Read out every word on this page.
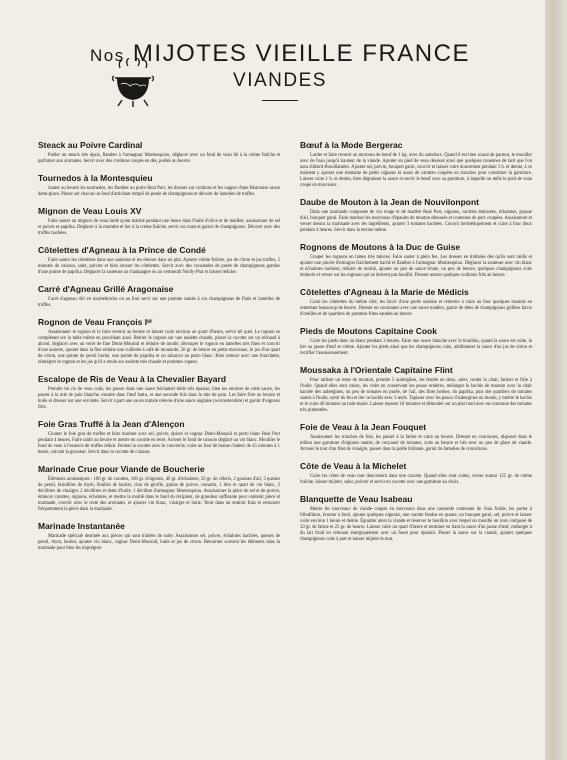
Nos MIJOTES VIEILLE FRANCE
VIANDES
Steack au Poivre Cardinal

Poêler un steack très épais, flamber à l'armagnac Montesquiou, déglacer avec un fond de veau lié à la crème fraîche et parfumer aux aromates. Servir avec des croûtons coupés en dés, poêlés au beurre.

Tournedos à la Montesquieu

Sauter au beurre les tournedos, les flamber au porto Real Port, les dresser sur croûtons et les napper d'une Béarnaise sauce demi-glace. Placer sur chacun un fond d'artichaut rempli de purée de champignons et décorer de lamelles de truffes.

Mignon de Veau Louis XV

Faire sauter un mignon de veau lardé ayant mariné pendant une heure dans l'huile d'olive et de madère, assaisonner de sel et poivre et paprika. Déglacer à la marmite et lier à la crème fraîche, servir sur toast et garnir de champignons. Décorer avec des truffes hachées.

Côtelettes d'Agneau à la Prince de Condé

Faire sauter les côtelettes dans une sauteuse et les dresser dans un plat. Ajouter crème fraîche, jus de citron et jus truffes, 5 minutes de cuisson, saler, poivrer et bien arroser les côtelettes. Servir avec des croustades de purée de champignons garnies d'une pointe de paprika. Déglacer la sauteuse au champagne ou au vermouth Noilly-Prat et laisser réduire.

Carré d'Agneau Grillé Aragonaise

Carré d'agneau rôti en tournebroche ou au four servi sur une pomme sautée à cru champignons de Paris et lamelles de truffes.

Rognon de Veau François Iᵉʳ

Assaisonner le rognon et le faire revenir au beurre et laisser cuire environ un quart d'heure, servir tel quel. Le rognon se complétant sur la table même en procédant ainsi. Retirer le rognon sur une assiette chaude, placer la cocotte sur un réchaud à alcool, déglacer avec un verre de fine Demi-Mousnil et réduire de moitié, découper le rognon en lamelles très fines et couvrir d'une assiette, ajouter dans la fine réduite une cuillerée à café de moutarde, 50 gr. de beurre en petits morceaux, le jus d'un quart de citron, une pointe de persil haché, une pointe de paprika et un sabayon au porto blanc. Bien remuer avec une fourchette, réintégrer le rognon et les jus qu'il a rendu sur assiette très chaude et pommes vapeur.

Escalope de Ris de Veau à la Chevalier Bayard

Prendre les ris de veau cuits, les passer dans une sauce béchamel tiède très épaisse, bien les enrober de cette sauce, les passer à la mie de pain blanche, ensuite dans l'œuf battu, et une seconde fois dans la mie de pain. Les faire frire au beurre et huile et dresser sur une serviette. Servir à part une sauce tomate relevée d'une sauce anglaise (worcestershire) et garnir d'oignons frits.

Foie Gras Truffé à la Jean d'Alençon

Clouter le foie gras de truffes et faire mariner avec sel, poivre, épices et cognac Demi-Mousnil et porto blanc Real Port pendant 4 heures. Faire raidir au beurre et mettre en cocotte en terre. Arroser le fond de cuisson déglacé au vin blanc. Mouiller le fond de veau à l'essence de truffes réduit. Fermer la cocotte avec le couvercle, cuire au four de bonne chaleur de 45 minutes à 1 heure, suivant la grosseur. Servir dans la cocotte de cuisson.

Marinade Crue pour Viande de Boucherie

Éléments aromatiques : 100 gr. de carottes, 100 gr. d'oignons, 40 gr. d'échalotes, 50 gr. de céleris, 2 gousses d'ail, 3 queues de persil, brindilles de thym, feuilles de laurier, clou de girofle, grains de poivre, romarin, 1 litre et quart de vin blanc, 3 décilitres de vinaigre, 2 décilitres et demi d'huile, 1 décilitre d'armagnac Montesquiou. Assaisonner la pièce de sel et de poivre, émincer carottes, oignons, échalotes, et mettre la moitié dans le fond du récipient, de grandeur suffisante pour contenir pièce et marinade, couvrir avec le reste des aromates, et ajouter vin blanc, vinaigre et huile. Tenir dans un endroit frais et retourner fréquemment la pièce dans la marinade.

Marinade Instantanée

Marinade spéciale destinée aux pièces qui sont traitées de suite. Assaisonner sel, poivre, échalotes hachées, queues de persil, thym, laurier, ajouter vin blanc, cognac Demi-Mousnil, huile et jus de citron. Retourner souvent les éléments dans la marinade pour bien les imprégner.

Bœuf à la Mode Bergerac

Larder et faire revenir un morceau de bœuf de 1 kg. avec du saindoux. Quand il est bien roussi de partout, le mouiller avec de l'eau jusqu'à hauteur de la viande. Ajouter un pied de veau désossé ainsi que quelques couennes de lard que l'on aura d'abord ébouillantées. Ajouter sel, poivre, bouquet garni, couvrir et laisser cuire doucement pendant 1 h. et demie, à ce moment y ajouter une trentaine de petits oignons et assez de carottes coupées en tranches pour constituer la garniture. Laisser cuire 1 h. et demie, bien dégraisser la sauce et servir le bœuf avec sa garniture, à laquelle on mêle le pied de veau coupé en morceaux.

Daube de Mouton à la Jean de Nouvilonpont

Dans une marinade composée de vin rouge et de madère Real Port, oignons, carottes émincées, échalotes, gousse d'ail, bouquet garni. Faire mariner les morceaux d'épaules de mouton désossés et couennes de porc coupées. Assaisonner et verser dessus la marinade avec les ingrédients, ajouter 3 tomates hachées. Couvrir hermétiquement et cuire à four doux pendant 4 heures. Servir dans la terrine même.

Rognons de Moutons à la Duc de Guise

Couper les rognons en lames très minces. Faire sauter à plein feu. Les dresser en timbales dès qu'ils sont raidis et ajouter une pincée d'estragon fraîchement haché et flamber à l'armagnac Montesquiou. Déglacer la sauteuse avec vin blanc et échalotes hachées, réduire de moitié, ajouter un peu de sauce brune, un peu de beurre, quelques champignons cuits émincés et verser sur les rognons qui ne doivent pas bouillir. Dresser autour quelques croûtons frits au beurre.

Côtelettes d'Agneau à la Marie de Médicis

Cuire les côtelettes du même côté, les farcir d'une purée soubise et remettre à cuire au four quelques instants en remettant beaucoup de beurre. Dresser en couronnes avec une sauce madère, garnir de têtes de champignons grillées farcis d'oreilles et de quartiers de pommes frites sautées au beurre.

Pieds de Moutons Capitaine Cook

Cuire les pieds dans un blanc pendant 3 heures. Faire une sauce blanche avec le bouillon, quand la sauce est cuite, la lier au jaune d'œuf et crème. Ajouter les pieds ainsi que les champignons cuits, additionner la sauce d'un jus de citron et rectifier l'assaisonnement.

Moussaka à l'Orientale Capitaine Flint

Pour utiliser un reste de mouton, prendre 5 aubergines, les fendre en deux, saler, couler la chair, fariner et frire à l'huile. Quand elles sont cuites, les vider en conservant les peaux entières, mélanger le hachis de mouton avec la chair hachée des aubergines, un peu de tomates en purée, de l'ail, des fines herbes, du paprika, puis des quartiers de tomates sautés à l'huile, sortir du feu et lier ce hachis avec 3 œufs. Tapisser avec les peaux d'aubergines un moule, y mettre le hachis et le cuire 40 minutes au bain-marie. Laisser reposer 10 minutes et démouler sur un plat rond avec en couronne des tomates très pimentées.

Foie de Veau à la Jean Fouquet

Assaisonner les tranches de foie, les passer à la farine et cuire au beurre. Dresser en couronnes, disposer dans le milieu une garniture d'oignons sautés, de concassé de tomates, cuits au beurre et liés avec un peu de glace de viande. Arroser le tout d'un filet de vinaigre, passer dans la poêle brûlante, garnir de lamelles de cornichons.

Côte de Veau à la Michelet

Cuire les côtes de veau tout doucement dans une cocotte. Quand elles sont cuites, verser autour 125 gr. de crème fraîche, laisser mijoter, saler, poivrer et servir en cocotte avec une garniture au choix.

Blanquette de Veau Isabeau

Mettre les morceaux de viande coupés en morceaux dans une casserole contenant de l'eau froide, les porter à l'ébullition, écumer à fond, ajouter quelques oignons, une carotte fendue en quatre, un bouquet garni, sel, poivre et laisser cuire environ 1 heure et demie. Égoutter alors la viande et réserver le bouillon avec lequel on mouille un roux composé de 50 gr. de farine et 25 gr. de beurre. Laisser cuire un quart d'heure et terminer en liant la sauce d'un jaune d'œuf, mélanger à du lait froid en remuant énergiquement avec un fouet pour épaissir. Passer la sauce sur la viande, ajouter quelques champignons cuits à part et laisser mijoter le tout.
